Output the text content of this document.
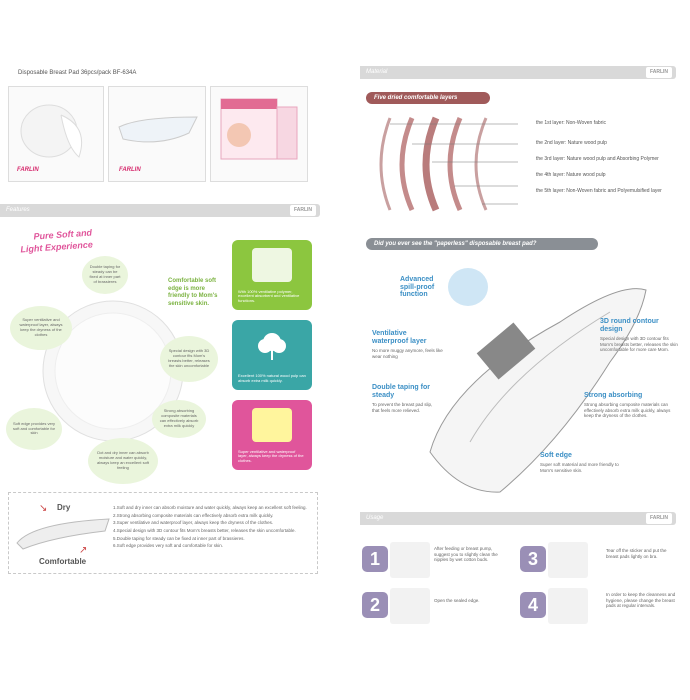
Disposable Breast Pad 36pcs/pack BF-634A
FARLIN	FARLIN
Features	FARLIN
Pure Soft and
Light Experience
Double taping for steady can be fixed at inner part of brassieres
Super ventilative and waterproof layer, always keep the dryness of the clothes
Special design with 3D contour fits Mom's breasts better, releases the skin uncomfortable
Soft edge provides very soft and comfortable for skin
Dot and dry inner can absorb moisture and water quickly, always keep an excellent soft feeling
Strong absorbing composite materials can effectively absorb extra milk quickly
Comfortable soft edge is more friendly to Mom's sensitive skin.
With 100% ventilative polymer, excellent absorbent and ventilative functions.
Excellent 100% natural wood pulp can absorb extra milk quickly.
Super ventilative and waterproof layer, always keep the dryness of the clothes.
Dry
↘
Comfortable
↗
1.Soft and dry inner can absorb moisture and water quickly, always keep an excellent soft feeling.
2.Strong absorbing composite materials can effectively absorb extra milk quickly.
3.Super ventilative and waterproof layer, always keep the dryness of the clothes.
4.Special design with 3D contour fits Mom's breasts better, releases the skin uncomfortable.
5.Double taping for steady can be fixed at inner part of brassieres.
6.Soft edge provides very soft and comfortable for skin.
Material	FARLIN
Five dried comfortable layers
the 1st layer: Non-Woven fabric
the 2nd layer: Nature wood pulp
the 3rd layer: Nature wood pulp and Absorbing Polymer
the 4th layer: Nature wood pulp
the 5th layer: Non-Woven fabric and Polyemulsified layer
Did you ever see the "paperless" disposable breast pad?
Advanced spill-proof function
Ventilative waterproof layer
No more muggy anymore, feels like wear nothing
Double taping for steady
To prevent the breast pad slip, that feels more relieved.
3D round contour design
Special design with 3D contour fits Mom's breasts better, releases the skin uncomfortable for more care Mom.
Strong absorbing
Strong absorbing composite materials can effectively absorb extra milk quickly, always keep the dryness of the clothes.
Soft edge
Super soft material and more friendly to Mom's sensitive skin.
Usage	FARLIN
1
After feeding or breast pump, suggest you to slightly clean the nipples by wet cotton buds.
2	Open the sealed edge.
3	Tear off the sticker and put the breast pads lightly on bra.
4
In order to keep the cleanness and hygiene, please change the breast pads at regular intervals.
